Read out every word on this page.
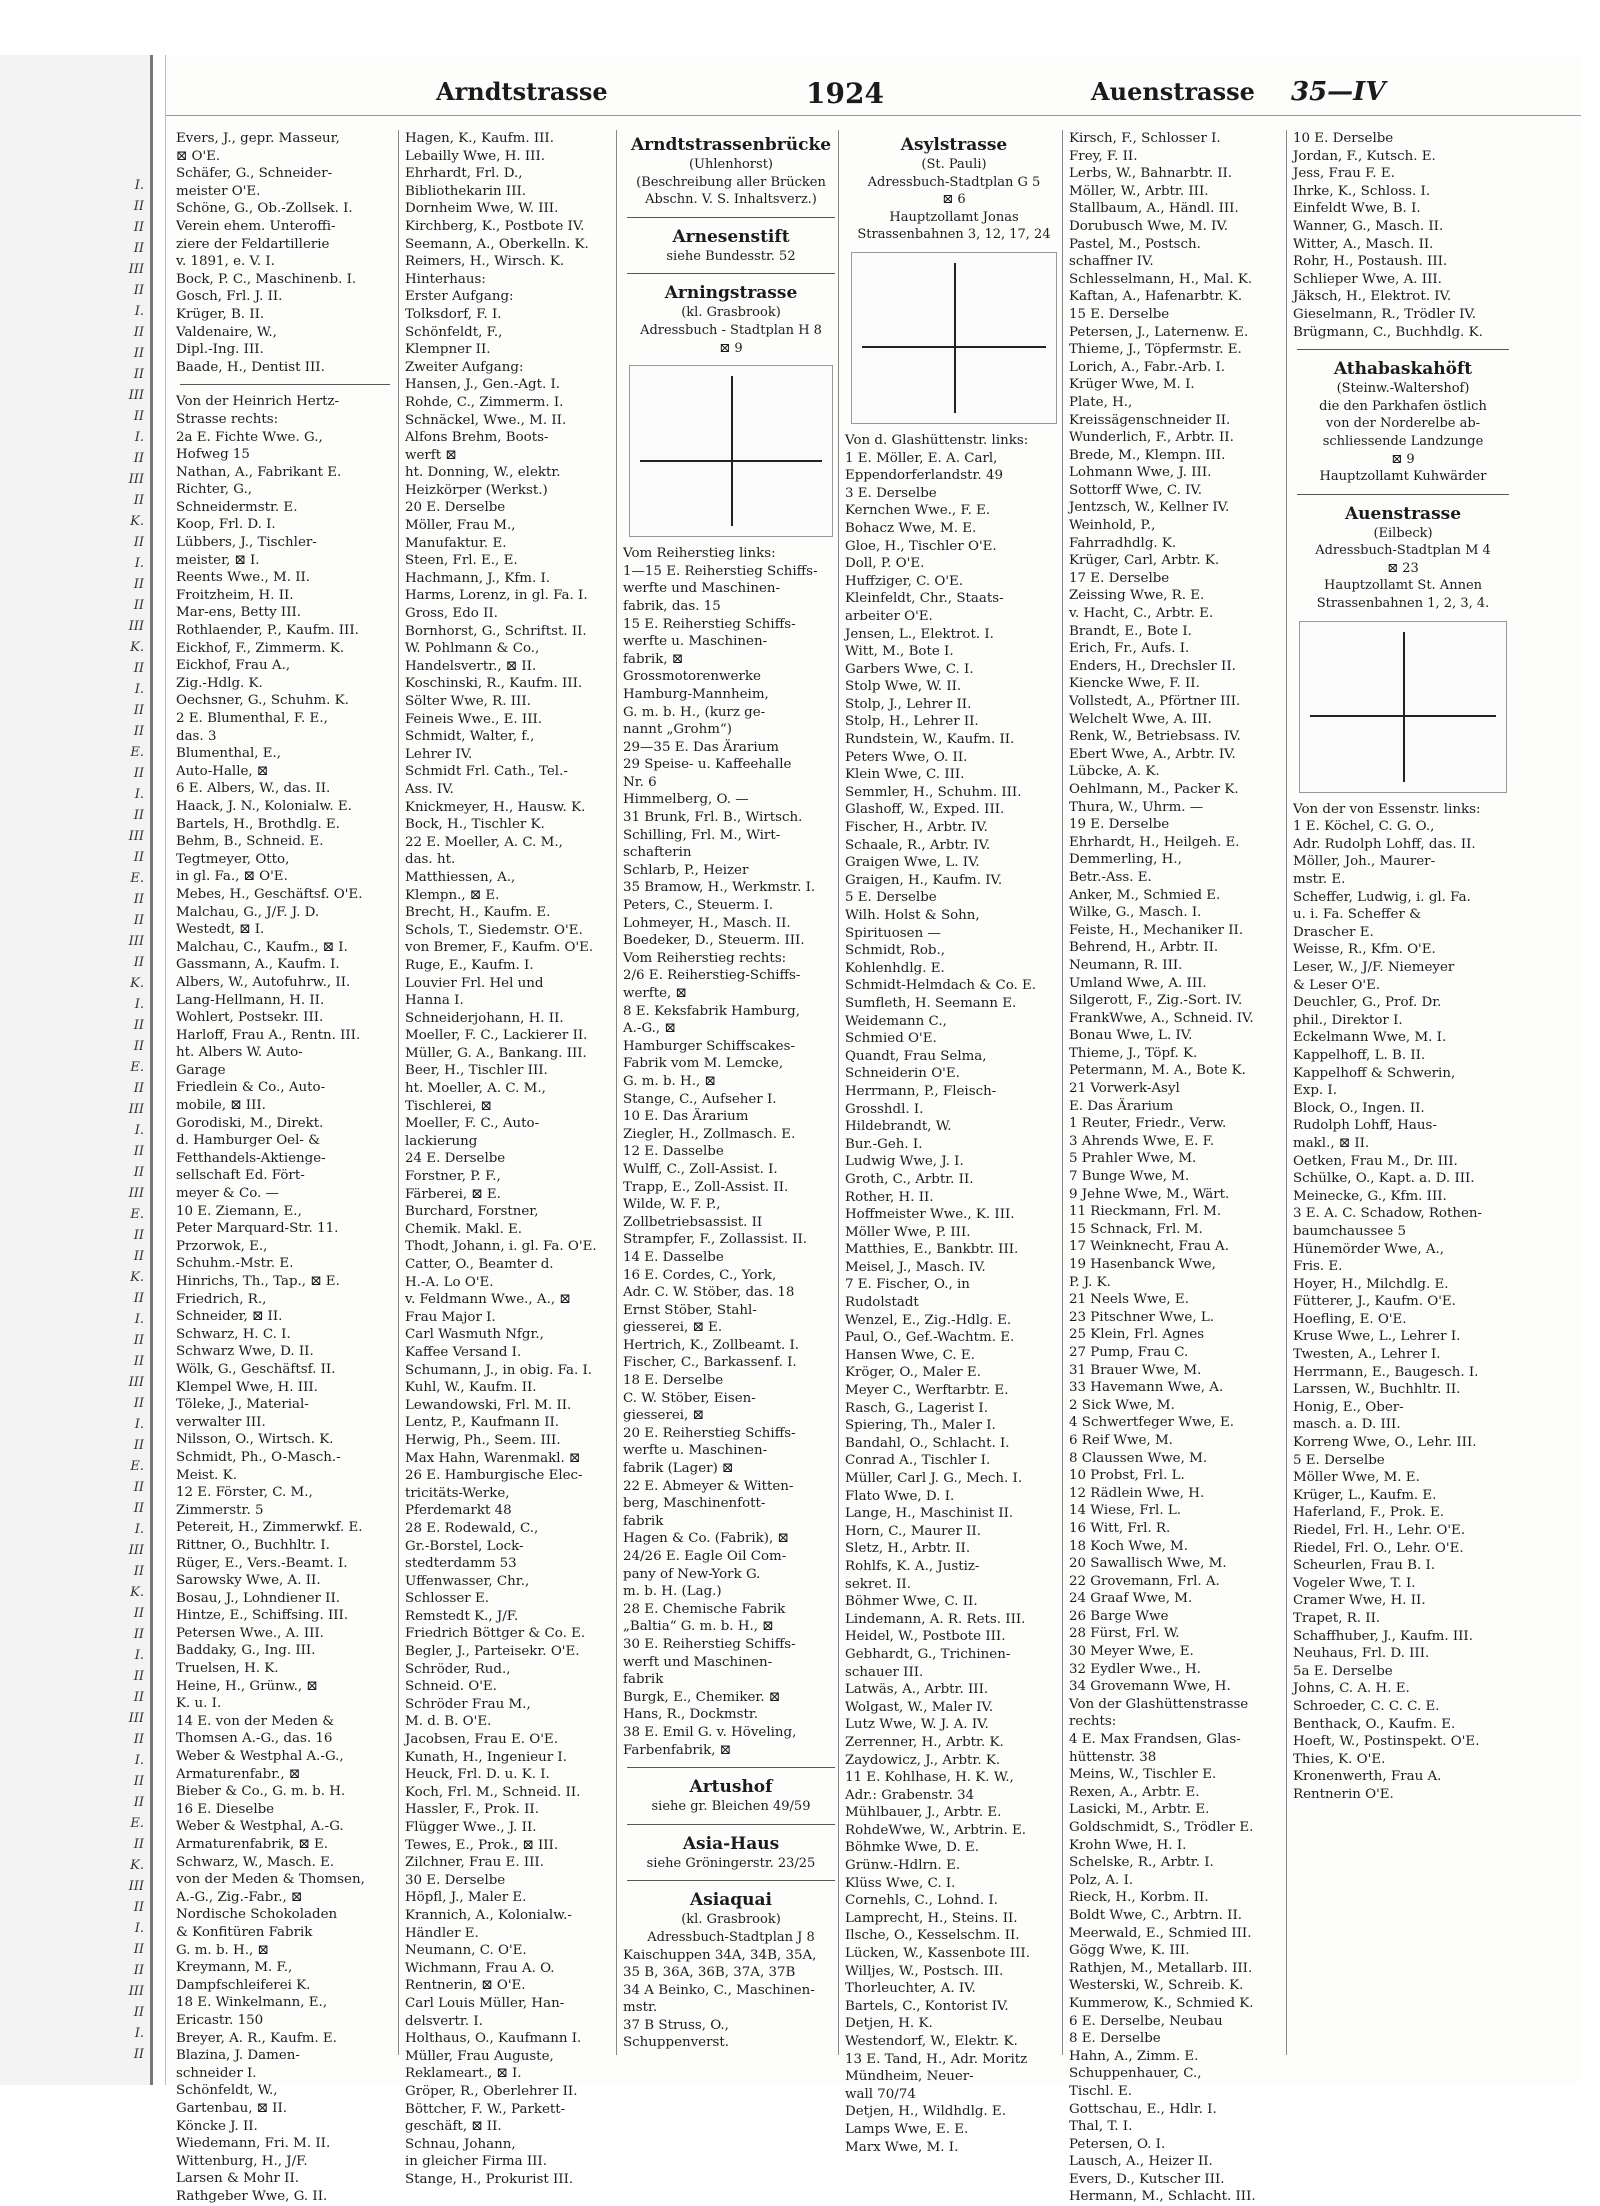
I.
II
II
II
III
II
I.
II
II
II
III
II
I.
II
III
II
K.
II
I.
II
II
III
K.
II
I.
II
II
E.
II
I.
II
III
II
E.
II
II
III
II
K.
I.
II
II
E.
II
III
I.
II
II
III
E.
II
II
K.
II
I.
II
II
III
II
I.
II
E.
II
II
I.
III
II
K.
II
II
I.
II
II
III
II
I.
II
II
E.
II
K.
III
II
I.
II
II
III
II
I.
II
Arndtstrasse	1924	Auenstrasse 35—IV
Evers, J., gepr. Masseur,
⊠ O'E.
Schäfer, G., Schneider-
meister O'E.
Schöne, G., Ob.-Zollsek. I.
Verein ehem. Unteroffi-
ziere der Feldartillerie
v. 1891, e. V. I.
Bock, P. C., Maschinenb. I.
Gosch, Frl. J. II.
Krüger, B. II.
Valdenaire, W.,
Dipl.-Ing. III.
Baade, H., Dentist III.
Von der Heinrich Hertz-
Strasse rechts:
2a E. Fichte Wwe. G.,
Hofweg 15
Nathan, A., Fabrikant E.
Richter, G.,
Schneidermstr. E.
Koop, Frl. D. I.
Lübbers, J., Tischler-
meister, ⊠ I.
Reents Wwe., M. II.
Froitzheim, H. II.
Mar-ens, Betty III.
Rothlaender, P., Kaufm. III.
Eickhof, F., Zimmerm. K.
Eickhof, Frau A.,
Zig.-Hdlg. K.
Oechsner, G., Schuhm. K.
2 E. Blumenthal, F. E.,
das. 3
Blumenthal, E.,
Auto-Halle, ⊠
6 E. Albers, W., das. II.
Haack, J. N., Kolonialw. E.
Bartels, H., Brothdlg. E.
Behm, B., Schneid. E.
Tegtmeyer, Otto,
in gl. Fa., ⊠ O'E.
Mebes, H., Geschäftsf. O'E.
Malchau, G., J/F. J. D.
Westedt, ⊠ I.
Malchau, C., Kaufm., ⊠ I.
Gassmann, A., Kaufm. I.
Albers, W., Autofuhrw., II.
Lang-Hellmann, H. II.
Wohlert, Postsekr. III.
Harloff, Frau A., Rentn. III.
ht. Albers W. Auto-
Garage
Friedlein & Co., Auto-
mobile, ⊠ III.
Gorodiski, M., Direkt.
d. Hamburger Oel- &
Fetthandels-Aktienge-
sellschaft Ed. Fört-
meyer & Co. —
10 E. Ziemann, E.,
Peter Marquard-Str. 11.
Przorwok, E.,
Schuhm.-Mstr. E.
Hinrichs, Th., Tap., ⊠ E.
Friedrich, R.,
Schneider, ⊠ II.
Schwarz, H. C. I.
Schwarz Wwe, D. II.
Wölk, G., Geschäftsf. II.
Klempel Wwe, H. III.
Töleke, J., Material-
verwalter III.
Nilsson, O., Wirtsch. K.
Schmidt, Ph., O-Masch.-
Meist. K.
12 E. Förster, C. M.,
Zimmerstr. 5
Petereit, H., Zimmerwkf. E.
Rittner, O., Buchhltr. I.
Rüger, E., Vers.-Beamt. I.
Sarowsky Wwe, A. II.
Bosau, J., Lohndiener II.
Hintze, E., Schiffsing. III.
Petersen Wwe., A. III.
Baddaky, G., Ing. III.
Truelsen, H. K.
Heine, H., Grünw., ⊠
K. u. I.
14 E. von der Meden &
Thomsen A.-G., das. 16
Weber & Westphal A.-G.,
Armaturenfabr., ⊠
Bieber & Co., G. m. b. H.
16 E. Dieselbe
Weber & Westphal, A.-G.
Armaturenfabrik, ⊠ E.
Schwarz, W., Masch. E.
von der Meden & Thomsen,
A.-G., Zig.-Fabr., ⊠
Nordische Schokoladen
& Konfitüren Fabrik
G. m. b. H., ⊠
Kreymann, M. F.,
Dampfschleiferei K.
18 E. Winkelmann, E.,
Ericastr. 150
Breyer, A. R., Kaufm. E.
Blazina, J. Damen-
schneider I.
Schönfeldt, W.,
Gartenbau, ⊠ II.
Köncke J. II.
Wiedemann, Fri. M. II.
Wittenburg, H., J/F.
Larsen & Mohr II.
Rathgeber Wwe, G. II.
Hagen, K., Kaufm. III.
Lebailly Wwe, H. III.
Ehrhardt, Frl. D.,
Bibliothekarin III.
Dornheim Wwe, W. III.
Kirchberg, K., Postbote IV.
Seemann, A., Oberkelln. K.
Reimers, H., Wirsch. K.
Hinterhaus:
Erster Aufgang:
Tolksdorf, F. I.
Schönfeldt, F.,
Klempner II.
Zweiter Aufgang:
Hansen, J., Gen.-Agt. I.
Rohde, C., Zimmerm. I.
Schnäckel, Wwe., M. II.
Alfons Brehm, Boots-
werft ⊠
ht. Donning, W., elektr.
Heizkörper (Werkst.)
20 E. Derselbe
Möller, Frau M.,
Manufaktur. E.
Steen, Frl. E., E.
Hachmann, J., Kfm. I.
Harms, Lorenz, in gl. Fa. I.
Gross, Edo II.
Bornhorst, G., Schriftst. II.
W. Pohlmann & Co.,
Handelsvertr., ⊠ II.
Koschinski, R., Kaufm. III.
Sölter Wwe, R. III.
Feineis Wwe., E. III.
Schmidt, Walter, f.,
Lehrer IV.
Schmidt Frl. Cath., Tel.-
Ass. IV.
Knickmeyer, H., Hausw. K.
Bock, H., Tischler K.
22 E. Moeller, A. C. M.,
das. ht.
Matthiessen, A.,
Klempn., ⊠ E.
Brecht, H., Kaufm. E.
Schols, T., Siedemstr. O'E.
von Bremer, F., Kaufm. O'E.
Ruge, E., Kaufm. I.
Louvier Frl. Hel und
Hanna I.
Schneiderjohann, H. II.
Moeller, F. C., Lackierer II.
Müller, G. A., Bankang. III.
Beer, H., Tischler III.
ht. Moeller, A. C. M.,
Tischlerei, ⊠
Moeller, F. C., Auto-
lackierung
24 E. Derselbe
Forstner, P. F.,
Färberei, ⊠ E.
Burchard, Forstner,
Chemik. Makl. E.
Thodt, Johann, i. gl. Fa. O'E.
Catter, O., Beamter d.
H.-A. Lo O'E.
v. Feldmann Wwe., A., ⊠
Frau Major I.
Carl Wasmuth Nfgr.,
Kaffee Versand I.
Schumann, J., in obig. Fa. I.
Kuhl, W., Kaufm. II.
Lewandowski, Frl. M. II.
Lentz, P., Kaufmann II.
Herwig, Ph., Seem. III.
Max Hahn, Warenmakl. ⊠
26 E. Hamburgische Elec-
tricitäts-Werke,
Pferdemarkt 48
28 E. Rodewald, C.,
Gr.-Borstel, Lock-
stedterdamm 53
Uffenwasser, Chr.,
Schlosser E.
Remstedt K., J/F.
Friedrich Böttger & Co. E.
Begler, J., Parteisekr. O'E.
Schröder, Rud.,
Schneid. O'E.
Schröder Frau M.,
M. d. B. O'E.
Jacobsen, Frau E. O'E.
Kunath, H., Ingenieur I.
Heuck, Frl. D. u. K. I.
Koch, Frl. M., Schneid. II.
Hassler, F., Prok. II.
Flügger Wwe., J. II.
Tewes, E., Prok., ⊠ III.
Zilchner, Frau E. III.
30 E. Derselbe
Höpfl, J., Maler E.
Krannich, A., Kolonialw.-
Händler E.
Neumann, C. O'E.
Wichmann, Frau A. O.
Rentnerin, ⊠ O'E.
Carl Louis Müller, Han-
delsvertr. I.
Holthaus, O., Kaufmann I.
Müller, Frau Auguste,
Reklameart., ⊠ I.
Gröper, R., Oberlehrer II.
Böttcher, F. W., Parkett-
geschäft, ⊠ II.
Schnau, Johann,
in gleicher Firma III.
Stange, H., Prokurist III.
Arndtstrassenbrücke
(Uhlenhorst)
(Beschreibung aller Brücken
Abschn. V. S. Inhaltsverz.)
Arnesenstift
siehe Bundesstr. 52
Arningstrasse
(kl. Grasbrook)
Adressbuch - Stadtplan H 8
⊠ 9
Vom Reiherstieg links:
1—15 E. Reiherstieg Schiffs-
werfte und Maschinen-
fabrik, das. 15
15 E. Reiherstieg Schiffs-
werfte u. Maschinen-
fabrik, ⊠
Grossmotorenwerke
Hamburg-Mannheim,
G. m. b. H., (kurz ge-
nannt „Grohm“)
29—35 E. Das Ärarium
29 Speise- u. Kaffeehalle
Nr. 6
Himmelberg, O. —
31 Brunk, Frl. B., Wirtsch.
Schilling, Frl. M., Wirt-
schafterin
Schlarb, P., Heizer
35 Bramow, H., Werkmstr. I.
Peters, C., Steuerm. I.
Lohmeyer, H., Masch. II.
Boedeker, D., Steuerm. III.
Vom Reiherstieg rechts:
2/6 E. Reiherstieg-Schiffs-
werfte, ⊠
8 E. Keksfabrik Hamburg,
A.-G., ⊠
Hamburger Schiffscakes-
Fabrik vom M. Lemcke,
G. m. b. H., ⊠
Stange, C., Aufseher I.
10 E. Das Ärarium
Ziegler, H., Zollmasch. E.
12 E. Dasselbe
Wulff, C., Zoll-Assist. I.
Trapp, E., Zoll-Assist. II.
Wilde, W. F. P.,
Zollbetriebsassist. II
Strampfer, F., Zollassist. II.
14 E. Dasselbe
16 E. Cordes, C., York,
Adr. C. W. Stöber, das. 18
Ernst Stöber, Stahl-
giesserei, ⊠ E.
Hertrich, K., Zollbeamt. I.
Fischer, C., Barkassenf. I.
18 E. Derselbe
C. W. Stöber, Eisen-
giesserei, ⊠
20 E. Reiherstieg Schiffs-
werfte u. Maschinen-
fabrik (Lager) ⊠
22 E. Abmeyer & Witten-
berg, Maschinenfott-
fabrik
Hagen & Co. (Fabrik), ⊠
24/26 E. Eagle Oil Com-
pany of New-York G.
m. b. H. (Lag.)
28 E. Chemische Fabrik
„Baltia“ G. m. b. H., ⊠
30 E. Reiherstieg Schiffs-
werft und Maschinen-
fabrik
Burgk, E., Chemiker. ⊠
Hans, R., Dockmstr.
38 E. Emil G. v. Höveling,
Farbenfabrik, ⊠
Artushof
siehe gr. Bleichen 49/59
Asia-Haus
siehe Gröningerstr. 23/25
Asiaquai
(kl. Grasbrook)
Adressbuch-Stadtplan J 8
Kaischuppen 34A, 34B, 35A,
35 B, 36A, 36B, 37A, 37B
34 A Beinko, C., Maschinen-
mstr.
37 B Struss, O.,
Schuppenverst.
Asylstrasse
(St. Pauli)
Adressbuch-Stadtplan G 5
⊠ 6
Hauptzollamt Jonas
Strassenbahnen 3, 12, 17, 24
Von d. Glashüttenstr. links:
1 E. Möller, E. A. Carl,
Eppendorferlandstr. 49
3 E. Derselbe
Kernchen Wwe., F. E.
Bohacz Wwe, M. E.
Gloe, H., Tischler O'E.
Doll, P. O'E.
Huffziger, C. O'E.
Kleinfeldt, Chr., Staats-
arbeiter O'E.
Jensen, L., Elektrot. I.
Witt, M., Bote I.
Garbers Wwe, C. I.
Stolp Wwe, W. II.
Stolp, J., Lehrer II.
Stolp, H., Lehrer II.
Rundstein, W., Kaufm. II.
Peters Wwe, O. II.
Klein Wwe, C. III.
Semmler, H., Schuhm. III.
Glashoff, W., Exped. III.
Fischer, H., Arbtr. IV.
Schaale, R., Arbtr. IV.
Graigen Wwe, L. IV.
Graigen, H., Kaufm. IV.
5 E. Derselbe
Wilh. Holst & Sohn,
Spirituosen —
Schmidt, Rob.,
Kohlenhdlg. E.
Schmidt-Helmdach & Co. E.
Sumfleth, H. Seemann E.
Weidemann C.,
Schmied O'E.
Quandt, Frau Selma,
Schneiderin O'E.
Herrmann, P., Fleisch-
Grosshdl. I.
Hildebrandt, W.
Bur.-Geh. I.
Ludwig Wwe, J. I.
Groth, C., Arbtr. II.
Rother, H. II.
Hoffmeister Wwe., K. III.
Möller Wwe, P. III.
Matthies, E., Bankbtr. III.
Meisel, J., Masch. IV.
7 E. Fischer, O., in
Rudolstadt
Wenzel, E., Zig.-Hdlg. E.
Paul, O., Gef.-Wachtm. E.
Hansen Wwe, C. E.
Kröger, O., Maler E.
Meyer C., Werftarbtr. E.
Rasch, G., Lagerist I.
Spiering, Th., Maler I.
Bandahl, O., Schlacht. I.
Conrad A., Tischler I.
Müller, Carl J. G., Mech. I.
Flato Wwe, D. I.
Lange, H., Maschinist II.
Horn, C., Maurer II.
Sletz, H., Arbtr. II.
Rohlfs, K. A., Justiz-
sekret. II.
Böhmer Wwe, C. II.
Lindemann, A. R. Rets. III.
Heidel, W., Postbote III.
Gebhardt, G., Trichinen-
schauer III.
Latwäs, A., Arbtr. III.
Wolgast, W., Maler IV.
Lutz Wwe, W. J. A. IV.
Zerrenner, H., Arbtr. K.
Zaydowicz, J., Arbtr. K.
11 E. Kohlhase, H. K. W.,
Adr.: Grabenstr. 34
Mühlbauer, J., Arbtr. E.
RohdeWwe, W., Arbtrin. E.
Böhmke Wwe, D. E.
Grünw.-Hdlrn. E.
Klüss Wwe, C. I.
Cornehls, C., Lohnd. I.
Lamprecht, H., Steins. II.
Ilsche, O., Kesselschm. II.
Lücken, W., Kassenbote III.
Willjes, W., Postsch. III.
Thorleuchter, A. IV.
Bartels, C., Kontorist IV.
Detjen, H. K.
Westendorf, W., Elektr. K.
13 E. Tand, H., Adr. Moritz
Mündheim, Neuer-
wall 70/74
Detjen, H., Wildhdlg. E.
Lamps Wwe, E. E.
Marx Wwe, M. I.
Kirsch, F., Schlosser I.
Frey, F. II.
Lerbs, W., Bahnarbtr. II.
Möller, W., Arbtr. III.
Stallbaum, A., Händl. III.
Dorubusch Wwe, M. IV.
Pastel, M., Postsch.
schaffner IV.
Schlesselmann, H., Mal. K.
Kaftan, A., Hafenarbtr. K.
15 E. Derselbe
Petersen, J., Laternenw. E.
Thieme, J., Töpfermstr. E.
Lorich, A., Fabr.-Arb. I.
Krüger Wwe, M. I.
Plate, H.,
Kreissägenschneider II.
Wunderlich, F., Arbtr. II.
Brede, M., Klempn. III.
Lohmann Wwe, J. III.
Sottorff Wwe, C. IV.
Jentzsch, W., Kellner IV.
Weinhold, P.,
Fahrradhdlg. K.
Krüger, Carl, Arbtr. K.
17 E. Derselbe
Zeissing Wwe, R. E.
v. Hacht, C., Arbtr. E.
Brandt, E., Bote I.
Erich, Fr., Aufs. I.
Enders, H., Drechsler II.
Kiencke Wwe, F. II.
Vollstedt, A., Pförtner III.
Welchelt Wwe, A. III.
Renk, W., Betriebsass. IV.
Ebert Wwe, A., Arbtr. IV.
Lübcke, A. K.
Oehlmann, M., Packer K.
Thura, W., Uhrm. —
19 E. Derselbe
Ehrhardt, H., Heilgeh. E.
Demmerling, H.,
Betr.-Ass. E.
Anker, M., Schmied E.
Wilke, G., Masch. I.
Feiste, H., Mechaniker II.
Behrend, H., Arbtr. II.
Neumann, R. III.
Umland Wwe, A. III.
Silgerott, F., Zig.-Sort. IV.
FrankWwe, A., Schneid. IV.
Bonau Wwe, L. IV.
Thieme, J., Töpf. K.
Petermann, M. A., Bote K.
21 Vorwerk-Asyl
E. Das Ärarium
1 Reuter, Friedr., Verw.
3 Ahrends Wwe, E. F.
5 Prahler Wwe, M.
7 Bunge Wwe, M.
9 Jehne Wwe, M., Wärt.
11 Rieckmann, Frl. M.
15 Schnack, Frl. M.
17 Weinknecht, Frau A.
19 Hasenbanck Wwe,
P. J. K.
21 Neels Wwe, E.
23 Pitschner Wwe, L.
25 Klein, Frl. Agnes
27 Pump, Frau C.
31 Brauer Wwe, M.
33 Havemann Wwe, A.
2 Sick Wwe, M.
4 Schwertfeger Wwe, E.
6 Reif Wwe, M.
8 Claussen Wwe, M.
10 Probst, Frl. L.
12 Rädlein Wwe, H.
14 Wiese, Frl. L.
16 Witt, Frl. R.
18 Koch Wwe, M.
20 Sawallisch Wwe, M.
22 Grovemann, Frl. A.
24 Graaf Wwe, M.
26 Barge Wwe
28 Fürst, Frl. W.
30 Meyer Wwe, E.
32 Eydler Wwe., H.
34 Grovemann Wwe, H.
Von der Glashüttenstrasse
rechts:
4 E. Max Frandsen, Glas-
hüttenstr. 38
Meins, W., Tischler E.
Rexen, A., Arbtr. E.
Lasicki, M., Arbtr. E.
Goldschmidt, S., Trödler E.
Krohn Wwe, H. I.
Schelske, R., Arbtr. I.
Polz, A. I.
Rieck, H., Korbm. II.
Boldt Wwe, C., Arbtrn. II.
Meerwald, E., Schmied III.
Gögg Wwe, K. III.
Rathjen, M., Metallarb. III.
Westerski, W., Schreib. K.
Kummerow, K., Schmied K.
6 E. Derselbe, Neubau
8 E. Derselbe
Hahn, A., Zimm. E.
Schuppenhauer, C.,
Tischl. E.
Gottschau, E., Hdlr. I.
Thal, T. I.
Petersen, O. I.
Lausch, A., Heizer II.
Evers, D., Kutscher III.
Hermann, M., Schlacht. III.
10 E. Derselbe
Jordan, F., Kutsch. E.
Jess, Frau F. E.
Ihrke, K., Schloss. I.
Einfeldt Wwe, B. I.
Wanner, G., Masch. II.
Witter, A., Masch. II.
Rohr, H., Postaush. III.
Schlieper Wwe, A. III.
Jäksch, H., Elektrot. IV.
Gieselmann, R., Trödler IV.
Brügmann, C., Buchhdlg. K.
Athabaskahöft
(Steinw.-Waltershof)
die den Parkhafen östlich
von der Norderelbe ab-
schliessende Landzunge
⊠ 9
Hauptzollamt Kuhwärder
Auenstrasse
(Eilbeck)
Adressbuch-Stadtplan M 4
⊠ 23
Hauptzollamt St. Annen
Strassenbahnen 1, 2, 3, 4.
Von der von Essenstr. links:
1 E. Köchel, C. G. O.,
Adr. Rudolph Lohff, das. II.
Möller, Joh., Maurer-
mstr. E.
Scheffer, Ludwig, i. gl. Fa.
u. i. Fa. Scheffer &
Drascher E.
Weisse, R., Kfm. O'E.
Leser, W., J/F. Niemeyer
& Leser O'E.
Deuchler, G., Prof. Dr.
phil., Direktor I.
Eckelmann Wwe, M. I.
Kappelhoff, L. B. II.
Kappelhoff & Schwerin,
Exp. I.
Block, O., Ingen. II.
Rudolph Lohff, Haus-
makl., ⊠ II.
Oetken, Frau M., Dr. III.
Schülke, O., Kapt. a. D. III.
Meinecke, G., Kfm. III.
3 E. A. C. Schadow, Rothen-
baumchaussee 5
Hünemörder Wwe, A.,
Fris. E.
Hoyer, H., Milchdlg. E.
Fütterer, J., Kaufm. O'E.
Hoefling, E. O'E.
Kruse Wwe, L., Lehrer I.
Twesten, A., Lehrer I.
Herrmann, E., Baugesch. I.
Larssen, W., Buchhltr. II.
Honig, E., Ober-
masch. a. D. III.
Korreng Wwe, O., Lehr. III.
5 E. Derselbe
Möller Wwe, M. E.
Krüger, L., Kaufm. E.
Haferland, F., Prok. E.
Riedel, Frl. H., Lehr. O'E.
Riedel, Frl. O., Lehr. O'E.
Scheurlen, Frau B. I.
Vogeler Wwe, T. I.
Cramer Wwe, H. II.
Trapet, R. II.
Schaffhuber, J., Kaufm. III.
Neuhaus, Frl. D. III.
5a E. Derselbe
Johns, C. A. H. E.
Schroeder, C. C. C. E.
Benthack, O., Kaufm. E.
Hoeft, W., Postinspekt. O'E.
Thies, K. O'E.
Kronenwerth, Frau A.
Rentnerin O'E.
